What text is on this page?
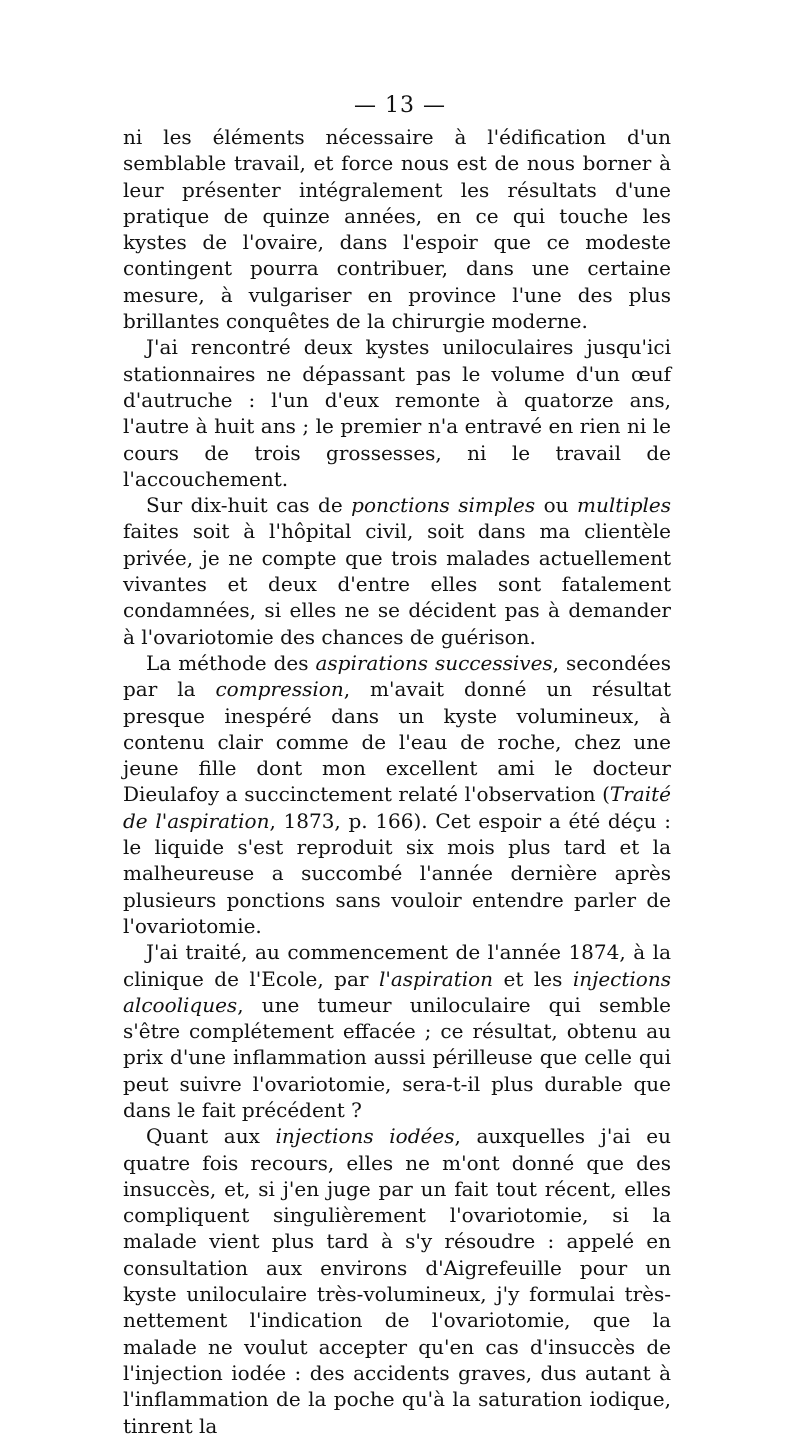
— 13 —

ni les éléments nécessaire à l'édification d'un semblable travail, et force nous est de nous borner à leur présenter intégralement les résultats d'une pratique de quinze années, en ce qui touche les kystes de l'ovaire, dans l'espoir que ce modeste contingent pourra contribuer, dans une certaine mesure, à vulgariser en province l'une des plus brillantes conquêtes de la chirurgie moderne.

J'ai rencontré deux kystes uniloculaires jusqu'ici stationnaires ne dépassant pas le volume d'un œuf d'autruche : l'un d'eux remonte à quatorze ans, l'autre à huit ans ; le premier n'a entravé en rien ni le cours de trois grossesses, ni le travail de l'accouchement.

Sur dix-huit cas de ponctions simples ou multiples faites soit à l'hôpital civil, soit dans ma clientèle privée, je ne compte que trois malades actuellement vivantes et deux d'entre elles sont fatalement condamnées, si elles ne se décident pas à demander à l'ovariotomie des chances de guérison.

La méthode des aspirations successives, secondées par la compression, m'avait donné un résultat presque inespéré dans un kyste volumineux, à contenu clair comme de l'eau de roche, chez une jeune fille dont mon excellent ami le docteur Dieulafoy a succinctement relaté l'observation (Traité de l'aspiration, 1873, p. 166). Cet espoir a été déçu : le liquide s'est reproduit six mois plus tard et la malheureuse a succombé l'année dernière après plusieurs ponctions sans vouloir entendre parler de l'ovariotomie.

J'ai traité, au commencement de l'année 1874, à la clinique de l'Ecole, par l'aspiration et les injections alcooliques, une tumeur uniloculaire qui semble s'être complétement effacée ; ce résultat, obtenu au prix d'une inflammation aussi périlleuse que celle qui peut suivre l'ovariotomie, sera-t-il plus durable que dans le fait précédent ?

Quant aux injections iodées, auxquelles j'ai eu quatre fois recours, elles ne m'ont donné que des insuccès, et, si j'en juge par un fait tout récent, elles compliquent singulièrement l'ovariotomie, si la malade vient plus tard à s'y résoudre : appelé en consultation aux environs d'Aigrefeuille pour un kyste uniloculaire très-volumineux, j'y formulai très-nettement l'indication de l'ovariotomie, que la malade ne voulut accepter qu'en cas d'insuccès de l'injection iodée : des accidents graves, dus autant à l'inflammation de la poche qu'à la saturation iodique, tinrent la
